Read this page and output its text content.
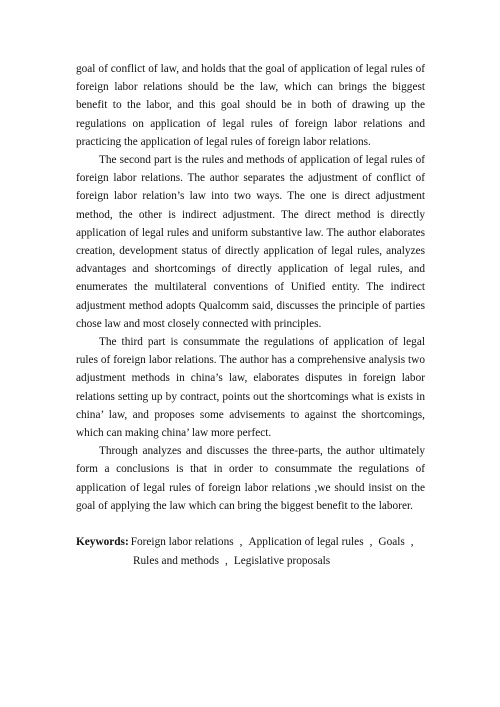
goal of conflict of law, and holds that the goal of application of legal rules of foreign labor relations should be the law, which can brings the biggest benefit to the labor, and this goal should be in both of drawing up the regulations on application of legal rules of foreign labor relations and practicing the application of legal rules of foreign labor relations.

The second part is the rules and methods of application of legal rules of foreign labor relations. The author separates the adjustment of conflict of foreign labor relation’s law into two ways. The one is direct adjustment method, the other is indirect adjustment. The direct method is directly application of legal rules and uniform substantive law. The author elaborates creation, development status of directly application of legal rules, analyzes advantages and shortcomings of directly application of legal rules, and enumerates the multilateral conventions of Unified entity. The indirect adjustment method adopts Qualcomm said, discusses the principle of parties chose law and most closely connected with principles.

The third part is consummate the regulations of application of legal rules of foreign labor relations. The author has a comprehensive analysis two adjustment methods in china’s law, elaborates disputes in foreign labor relations setting up by contract, points out the shortcomings what is exists in china’ law, and proposes some advisements to against the shortcomings, which can making china’ law more perfect.

Through analyzes and discusses the three-parts, the author ultimately form a conclusions is that in order to consummate the regulations of application of legal rules of foreign labor relations ,we should insist on the goal of applying the law which can bring the biggest benefit to the laborer.

Keywords: Foreign labor relations , Application of legal rules , Goals ,
Rules and methods , Legislative proposals
